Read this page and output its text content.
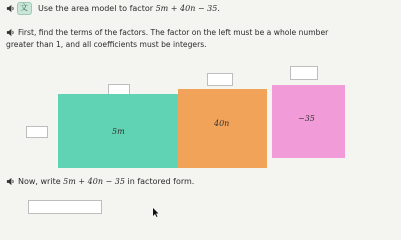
文 Use the area model to factor 5m + 40n − 35.
First, find the terms of the factors. The factor on the left must be a whole number
greater than 1, and all coefficients must be integers.
5m
40n
−35
Now, write 5m + 40n − 35 in factored form.
